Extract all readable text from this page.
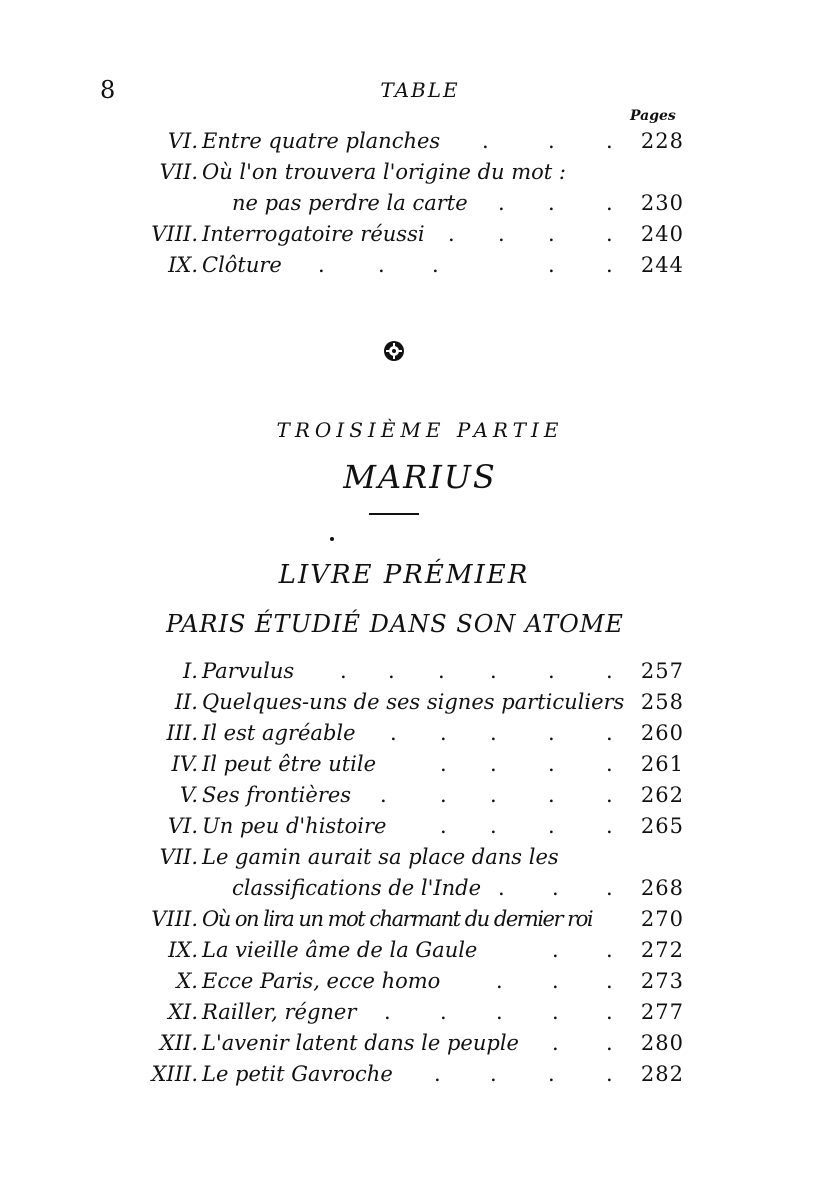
8	TABLE
Pages
VI. Entre quatre planches .	. .	228
VII. Où l'on trouvera l'origine du mot :
ne pas perdre la carte . . .	230
VIII. Interrogatoire réussi . . . .	240
IX. Clôture .	. .	. .	244
TROISIÈME PARTIE
MARIUS
LIVRE PRÉMIER
PARIS ÉTUDIÉ DANS SON ATOME
I. Parvulus . . . . . .	257
II. Quelques-uns de ses signes particuliers 258
III. Il est agréable . . . . .	260
IV. Il peut être utile	. . . .	261
V. Ses frontières .	. . . .	262
VI. Un peu d'histoire	. . . .	265
VII. Le gamin aurait sa place dans les
classifications de l'Inde . . .	268
VIII. Où on lira un mot charmant du dernier roi	270
IX. La vieille âme de la Gaule	. .	272
X. Ecce Paris, ecce homo	. . .	273
XI. Railler, régner . . . . .	277
XII. L'avenir latent dans le peuple . .	280
XIII. Le petit Gavroche . . . .	282
